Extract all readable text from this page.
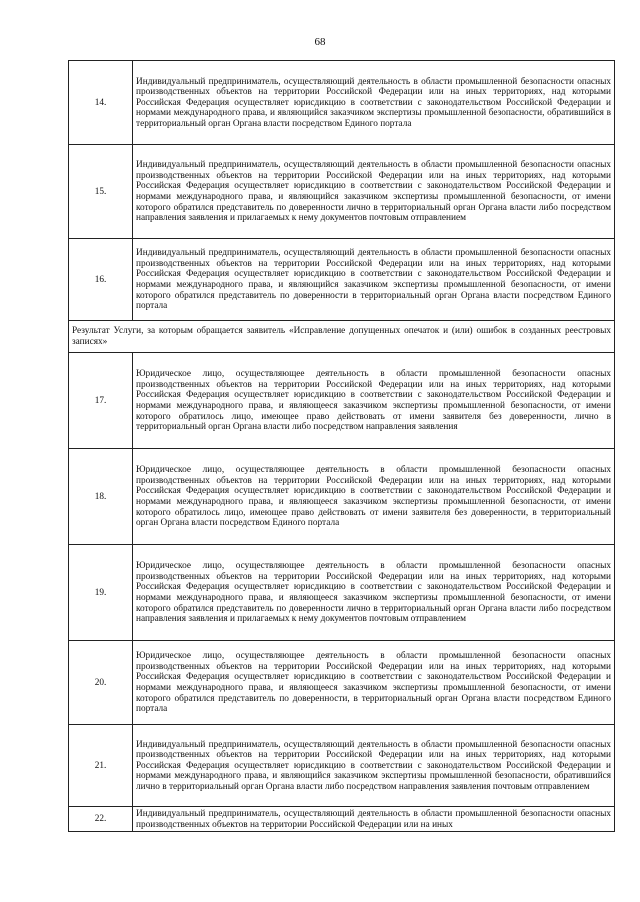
68
14.	Индивидуальный предприниматель, осуществляющий деятельность в области промышленной безопасности опасных производственных объектов на территории Российской Федерации или на иных территориях, над которыми Российская Федерация осуществляет юрисдикцию в соответствии с законодательством Российской Федерации и нормами международного права, и являющийся заказчиком экспертизы промышленной безопасности, обратившийся в территориальный орган Органа власти посредством Единого портала
15.	Индивидуальный предприниматель, осуществляющий деятельность в области промышленной безопасности опасных производственных объектов на территории Российской Федерации или на иных территориях, над которыми Российская Федерация осуществляет юрисдикцию в соответствии с законодательством Российской Федерации и нормами международного права, и являющийся заказчиком экспертизы промышленной безопасности, от имени которого обратился представитель по доверенности лично в территориальный орган Органа власти либо посредством направления заявления и прилагаемых к нему документов почтовым отправлением
16.	Индивидуальный предприниматель, осуществляющий деятельность в области промышленной безопасности опасных производственных объектов на территории Российской Федерации или на иных территориях, над которыми Российская Федерация осуществляет юрисдикцию в соответствии с законодательством Российской Федерации и нормами международного права, и являющийся заказчиком экспертизы промышленной безопасности, от имени которого обратился представитель по доверенности в территориальный орган Органа власти посредством Единого портала
Результат Услуги, за которым обращается заявитель «Исправление допущенных опечаток и (или) ошибок в созданных реестровых записях»	
17.	Юридическое лицо, осуществляющее деятельность в области промышленной безопасности опасных производственных объектов на территории Российской Федерации или на иных территориях, над которыми Российская Федерация осуществляет юрисдикцию в соответствии с законодательством Российской Федерации и нормами международного права, и являющееся заказчиком экспертизы промышленной безопасности, от имени которого обратилось лицо, имеющее право действовать от имени заявителя без доверенности, лично в территориальный орган Органа власти либо посредством направления заявления
18.	Юридическое лицо, осуществляющее деятельность в области промышленной безопасности опасных производственных объектов на территории Российской Федерации или на иных территориях, над которыми Российская Федерация осуществляет юрисдикцию в соответствии с законодательством Российской Федерации и нормами международного права, и являющееся заказчиком экспертизы промышленной безопасности, от имени которого обратилось лицо, имеющее право действовать от имени заявителя без доверенности, в территориальный орган Органа власти посредством Единого портала
19.	Юридическое лицо, осуществляющее деятельность в области промышленной безопасности опасных производственных объектов на территории Российской Федерации или на иных территориях, над которыми Российская Федерация осуществляет юрисдикцию в соответствии с законодательством Российской Федерации и нормами международного права, и являющееся заказчиком экспертизы промышленной безопасности, от имени которого обратился представитель по доверенности лично в территориальный орган Органа власти либо посредством направления заявления и прилагаемых к нему документов почтовым отправлением
20.	Юридическое лицо, осуществляющее деятельность в области промышленной безопасности опасных производственных объектов на территории Российской Федерации или на иных территориях, над которыми Российская Федерация осуществляет юрисдикцию в соответствии с законодательством Российской Федерации и нормами международного права, и являющееся заказчиком экспертизы промышленной безопасности, от имени которого обратился представитель по доверенности, в территориальный орган Органа власти посредством Единого портала
21.	Индивидуальный предприниматель, осуществляющий деятельность в области промышленной безопасности опасных производственных объектов на территории Российской Федерации или на иных территориях, над которыми Российская Федерация осуществляет юрисдикцию в соответствии с законодательством Российской Федерации и нормами международного права, и являющийся заказчиком экспертизы промышленной безопасности, обратившийся лично в территориальный орган Органа власти либо посредством направления заявления почтовым отправлением
22.	Индивидуальный предприниматель, осуществляющий деятельность в области промышленной безопасности опасных производственных объектов на территории Российской Федерации или на иных
